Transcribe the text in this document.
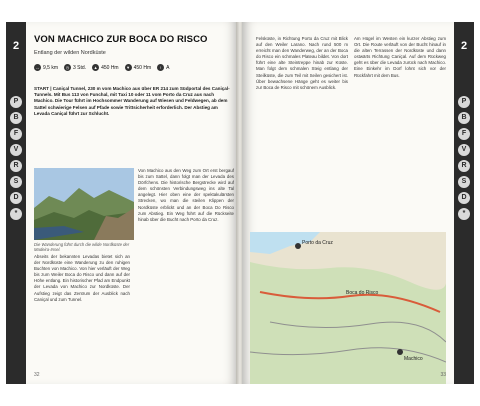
2
P
B
F
V
R
S
D
*
VON MACHICO ZUR BOCA DO RISCO
Entlang der wilden Nordküste
↔ 9,5 km	◷ 3 Std.	▲ 450 Hm	▼ 450 Hm	! A
START | Caniçal Tunnel, 230 m vom Machico aus über ER 214 zum Südportal des Caniçal-Tunnels. Mit Bus 113 von Funchal, mit Taxi 10 oder 11 vom Porto da Cruz aus nach Machico. Die Tour führt im Hochsommer Wanderung auf Wiesen und Feldwegen, ab dem Sattel schwierige Felsen auf Pfade sowie Trittsicherheit erforderlich. Der Abstieg am Levada Caniçal führt zur Schlucht.
Die Wanderung führt durch die wilde Nordküste der Madeira-Insel.
Abseits der bekannten Levadas bietet sich an der Nordküste eine Wanderung zu den ruhigen Buchten von Machico. Von hier verläuft der Weg bis zum Weiler Boca do Risco und dann auf der Höhe entlang. Ein historischer Pfad am Endpunkt der Levada von Machico zur Nordküste. Der Aufstieg zeigt das Zentrum der Ausblick nach Caniçal und zum Tunnel.
Von Machico aus den Weg zum Ort erst bergauf bis zum Sattel, dann folgt man der Levada des Dörfchens. Die historische Bergstrecke wird auf dem schönsten Verbindungsweg ins alte Tal angelegt. Hier oben eine der spektakulärsten Strecken, wo man die steilen Klippen der Nordküste erblickt und an der Boca Do Risco zum Abstieg. Ein Weg führt auf die Rückseite hinab über die Bucht nach Porto da Cruz.
32
2
P
B
F
V
R
S
D
*
Felsküste, in Richtung Porto da Cruz mit Blick auf den Weiler Larano. Nach rund 500 m erreicht man den Wanderweg, der an der Boca do Risco ein schmales Plateau bildet. Von dort führt eine alte Steintreppe hinab zur Küste. Man folgt dem schmalen Steig entlang der Steilküste, die zum Teil mit Seilen gesichert ist. Über bewachsene Hänge geht es weiter bis zur Boca de Risco mit schönem Ausblick.
Am Hügel im Westen ein kurzer Abstieg zum Ort. Die Route verläuft von der Bucht hinauf in die alten Terrassen der Nordküste und dann ostwärts Richtung Caniçal. Auf dem Rückweg geht es über die Levada zurück nach Machico. Eine Einkehr im Dorf lohnt sich vor der Rückfahrt mit dem Bus.
Porto da Cruz
Boca do Risco
Machico
33
